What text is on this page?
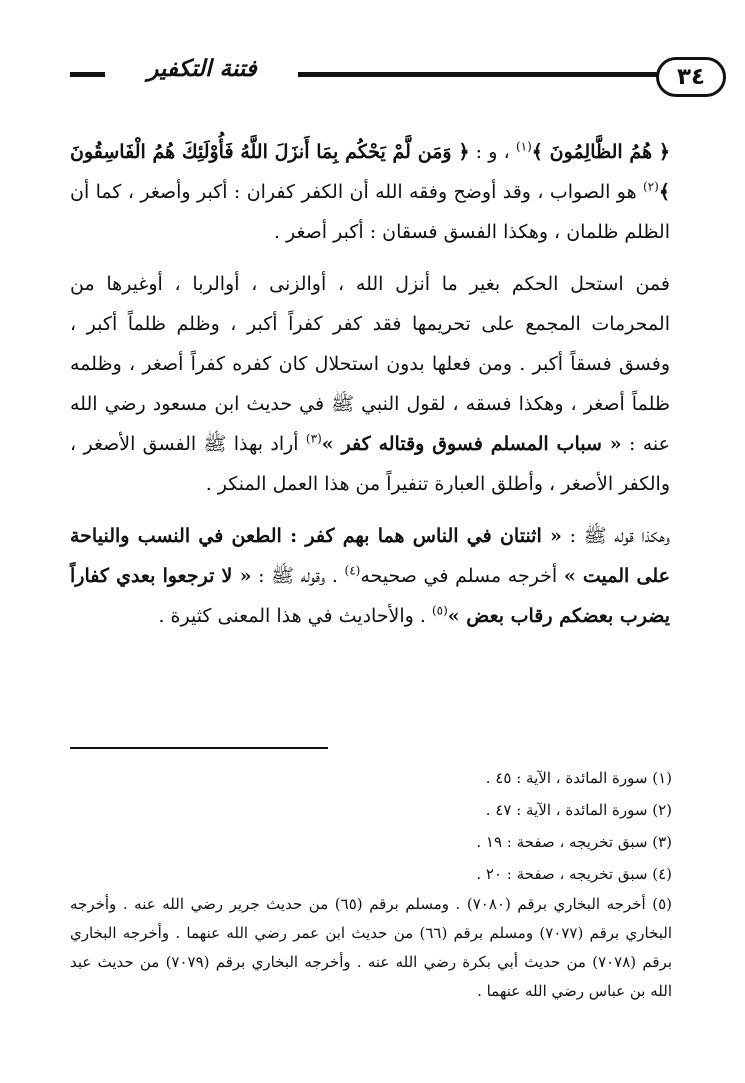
فتنة التكفير	٣٤

﴿ هُمُ الظَّالِمُونَ ﴾$^{(١)}$ ، و : ﴿ وَمَن لَّمْ يَحْكُم بِمَا أَنزَلَ اللَّهُ فَأُوْلَئِكَ هُمُ الْفَاسِقُونَ ﴾$^{(٢)}$ هو الصواب ، وقد أوضح وفقه الله أن الكفر كفران : أكبر وأصغر ، كما أن الظلم ظلمان ، وهكذا الفسق فسقان : أكبر أصغر .

فمن استحل الحكم بغير ما أنزل الله ، أوالزنى ، أوالربا ، أوغيرها من المحرمات المجمع على تحريمها فقد كفر كفراً أكبر ، وظلم ظلماً أكبر ، وفسق فسقاً أكبر . ومن فعلها بدون استحلال كان كفره كفراً أصغر ، وظلمه ظلماً أصغر ، وهكذا فسقه ، لقول النبي ﷺ في حديث ابن مسعود رضي الله عنه : « سباب المسلم فسوق وقتاله كفر »$^{(٣)}$ أراد بهذا ﷺ الفسق الأصغر ، والكفر الأصغر ، وأطلق العبارة تنفيراً من هذا العمل المنكر .

وهكذا قوله ﷺ : « اثنتان في الناس هما بهم كفر : الطعن في النسب والنياحة على الميت » أخرجه مسلم في صحيحه$^{(٤)}$ . وقوله ﷺ : « لا ترجعوا بعدي كفاراً يضرب بعضكم رقاب بعض »$^{(٥)}$ . والأحاديث في هذا المعنى كثيرة .

(١) سورة المائدة ، الآية : ٤٥ .

(٢) سورة المائدة ، الآية : ٤٧ .

(٣) سبق تخريجه ، صفحة : ١٩ .

(٤) سبق تخريجه ، صفحة : ٢٠ .

(٥) أخرجه البخاري برقم (٧٠٨٠) . ومسلم برقم (٦٥) من حديث جرير رضي الله عنه . وأخرجه البخاري برقم (٧٠٧٧) ومسلم برقم (٦٦) من حديث ابن عمر رضي الله عنهما . وأخرجه البخاري برقم (٧٠٧٨) من حديث أبي بكرة رضي الله عنه . وأخرجه البخاري برقم (٧٠٧٩) من حديث عبد الله بن عباس رضي الله عنهما .
